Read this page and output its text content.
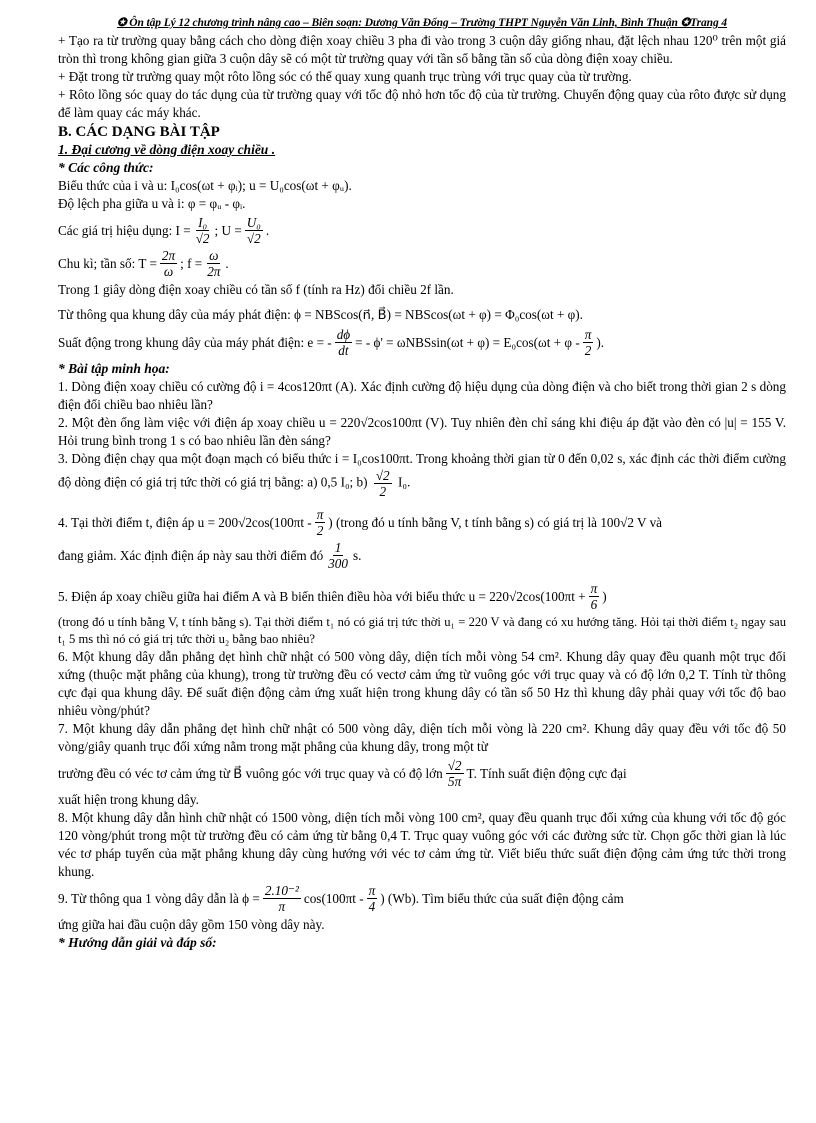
✪ Ôn tập Lý 12 chương trình nâng cao – Biên soạn: Dương Văn Đổng – Trường THPT Nguyễn Văn Linh, Bình Thuận ✪Trang 4

+ Tạo ra từ trường quay bằng cách cho dòng điện xoay chiều 3 pha đi vào trong 3 cuộn dây giống nhau, đặt lệch nhau 120⁰ trên một giá tròn thì trong không gian giữa 3 cuộn dây sẽ có một từ trường quay với tần số bằng tần số của dòng điện xoay chiều.

+ Đặt trong từ trường quay một rôto lồng sóc có thể quay xung quanh trục trùng với trục quay của từ trường.

+ Rôto lồng sóc quay do tác dụng của từ trường quay với tốc độ nhỏ hơn tốc độ của từ trường. Chuyển động quay của rôto được sử dụng để làm quay các máy khác.

B. CÁC DẠNG BÀI TẬP
1. Đại cương về dòng điện xoay chiều .
* Các công thức:

Biểu thức của i và u: I₀cos(ωt + φᵢ); u = U₀cos(ωt + φᵤ).

Độ lệch pha giữa u và i: φ = φᵤ - φᵢ.

Các giá trị hiệu dụng: $I = \frac{\text{I₀}}{√2}$ ; $U = \frac{\text{U₀}}{√2}$ .
Chu kì; tần số: $T = \frac{2\pi}{\omega}$ ; $f = \frac{\omega}{2\pi}$ .

Trong 1 giây dòng điện xoay chiều có tần số f (tính ra Hz) đổi chiều 2f lần.

Từ thông qua khung dây của máy phát điện: ϕ = NBScos(n⃗, B⃗) = NBScos(ωt + φ) = Φ₀cos(ωt + φ).

Suất động trong khung dây của máy phát điện: e = - $\frac{d\phi}{dt}$ = - $\phi' = \omega NBSsin(\omega t + \varphi) = E_0\cos(\omega t + \varphi - \frac{\pi}{2}$ ).
* Bài tập minh họa:

1. Dòng điện xoay chiều có cường độ i = 4cos120πt (A). Xác định cường độ hiệu dụng của dòng điện và cho biết trong thời gian 2 s dòng điện đổi chiều bao nhiêu lần?

2. Một đèn ống làm việc với điện áp xoay chiều u = 220√2cos100πt (V). Tuy nhiên đèn chỉ sáng khi điệu áp đặt vào đèn có |u| = 155 V. Hỏi trung bình trong 1 s có bao nhiêu lần đèn sáng?

3. Dòng điện chạy qua một đoạn mạch có biểu thức i = I₀cos100πt. Trong khoảng thời gian từ 0 đến 0,02 s, xác định các thời điểm cường độ dòng điện có giá trị tức thời có giá trị bằng: a) 0,5 I₀; $b) \frac{√2}{2} I_0$.

4. Tại thời điểm t, điện áp $u = 200√2\cos(100\pi t - \frac{\pi}{2}$ ) (trong đó u tính bằng V, t tính bằng s) có giá trị là 100√2 V và
đang giảm. Xác định điện áp này sau thời điểm đó $\frac{1}{300} s$.
5. Điện áp xoay chiều giữa hai điểm A và B biến thiên điều hòa với biểu thức $u = 220√2\cos(100\pi t + \frac{\pi}{6}$ )

(trong đó u tính bằng V, t tính bằng s). Tại thời điểm t₁ nó có giá trị tức thời u₁ = 220 V và đang có xu hướng tăng. Hỏi tại thời điểm t₂ ngay sau t₁ 5 ms thì nó có giá trị tức thời u₂ bằng bao nhiêu?

6. Một khung dây dẫn phẳng dẹt hình chữ nhật có 500 vòng dây, diện tích mỗi vòng 54 cm². Khung dây quay đều quanh một trục đối xứng (thuộc mặt phẳng của khung), trong từ trường đều có vectơ cảm ứng từ vuông góc với trục quay và có độ lớn 0,2 T. Tính từ thông cực đại qua khung dây. Để suất điện động cảm ứng xuất hiện trong khung dây có tần số 50 Hz thì khung dây phải quay với tốc độ bao nhiêu vòng/phút?

7. Một khung dây dẫn phẳng dẹt hình chữ nhật có 500 vòng dây, diện tích mỗi vòng là 220 cm². Khung dây quay đều với tốc độ 50 vòng/giây quanh trục đối xứng nằm trong mặt phẳng của khung dây, trong một từ

trường đều có véc tơ cảm ứng từ B⃗ vuông góc với trục quay và có độ lớn $\frac{√2}{5\pi} T$. Tính suất điện động cực đại

xuất hiện trong khung dây.

8. Một khung dây dẫn hình chữ nhật có 1500 vòng, diện tích mỗi vòng 100 cm², quay đều quanh trục đối xứng của khung với tốc độ góc 120 vòng/phút trong một từ trường đều có cảm ứng từ bằng 0,4 T. Trục quay vuông góc với các đường sức từ. Chọn gốc thời gian là lúc véc tơ pháp tuyến của mặt phẳng khung dây cùng hướng với véc tơ cảm ứng từ. Viết biểu thức suất điện động cảm ứng tức thời trong khung.

9. Từ thông qua 1 vòng dây dẫn là $\phi = \frac{\text{2.10⁻²}}{\pi} \cos(100\pi t - \frac{\pi}{4}$ ) (Wb). Tìm biểu thức của suất điện động cảm

ứng giữa hai đầu cuộn dây gồm 150 vòng dây này.

* Hướng dẫn giải và đáp số:
